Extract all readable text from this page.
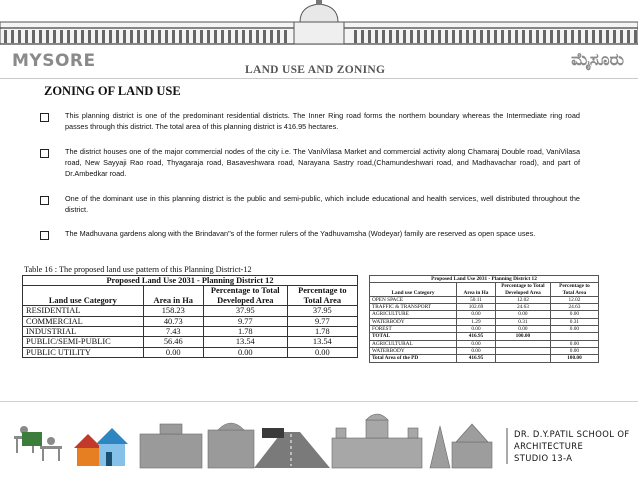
MYSORE	ಮೈಸೂರು
LAND USE AND ZONING
ZONING OF LAND USE
This planning district is one of the predominant residential districts. The Inner Ring road forms the northern boundary whereas the Intermediate ring road passes through this district. The total area of this planning district is 416.95 hectares.
The district houses one of the major commercial nodes of the city i.e. The VaniVilasa Market and commercial activity along Chamaraj Double road, VaniVilasa road, New Sayyaji Rao road, Thyagaraja road, Basaveshwara road, Narayana Sastry road,(Chamundeshwari road, and Madhavachar road), and part of Dr.Ambedkar road.
One of the dominant use in this planning district is the public and semi-public, which include educational and health services, well distributed throughout the district.
The Madhuvana gardens along with the Brindavan"s of the former rulers of the Yadhuvamsha (Wodeyar) family are reserved as open space uses.
Table 16 : The proposed land use pattern of this Planning District-12
Proposed Land Use 2031 - Planning District 12			
Land use Category	Area in Ha	Percentage to Total Developed Area	Percentage to Total Area
RESIDENTIAL	158.23	37.95	37.95
COMMERCIAL	40.73	9.77	9.77
INDUSTRIAL	7.43	1.78	1.78
PUBLIC/SEMI-PUBLIC	56.46	13.54	13.54
PUBLIC UTILITY	0.00	0.00	0.00
Proposed Land Use 2031 - Planning District 12			
Land use Category	Area in Ha	Percentage to Total Developed Area	Percentage to Total Area
OPEN SPACE	50.11	12.02	12.02
TRAFFIC & TRANSPORT	102.69	24.63	24.63
AGRICULTURE	0.00	0.00	0.00
WATERBODY	1.29	0.31	0.31
FOREST	0.00	0.00	0.00
TOTAL	416.95	100.00	
AGRICULTURAL	0.00		0.00
WATERBODY	0.00		0.00
Total Area of the PD	416.95		100.00
DR. D.Y.PATIL SCHOOL OF
ARCHITECTURE
STUDIO 13-A
